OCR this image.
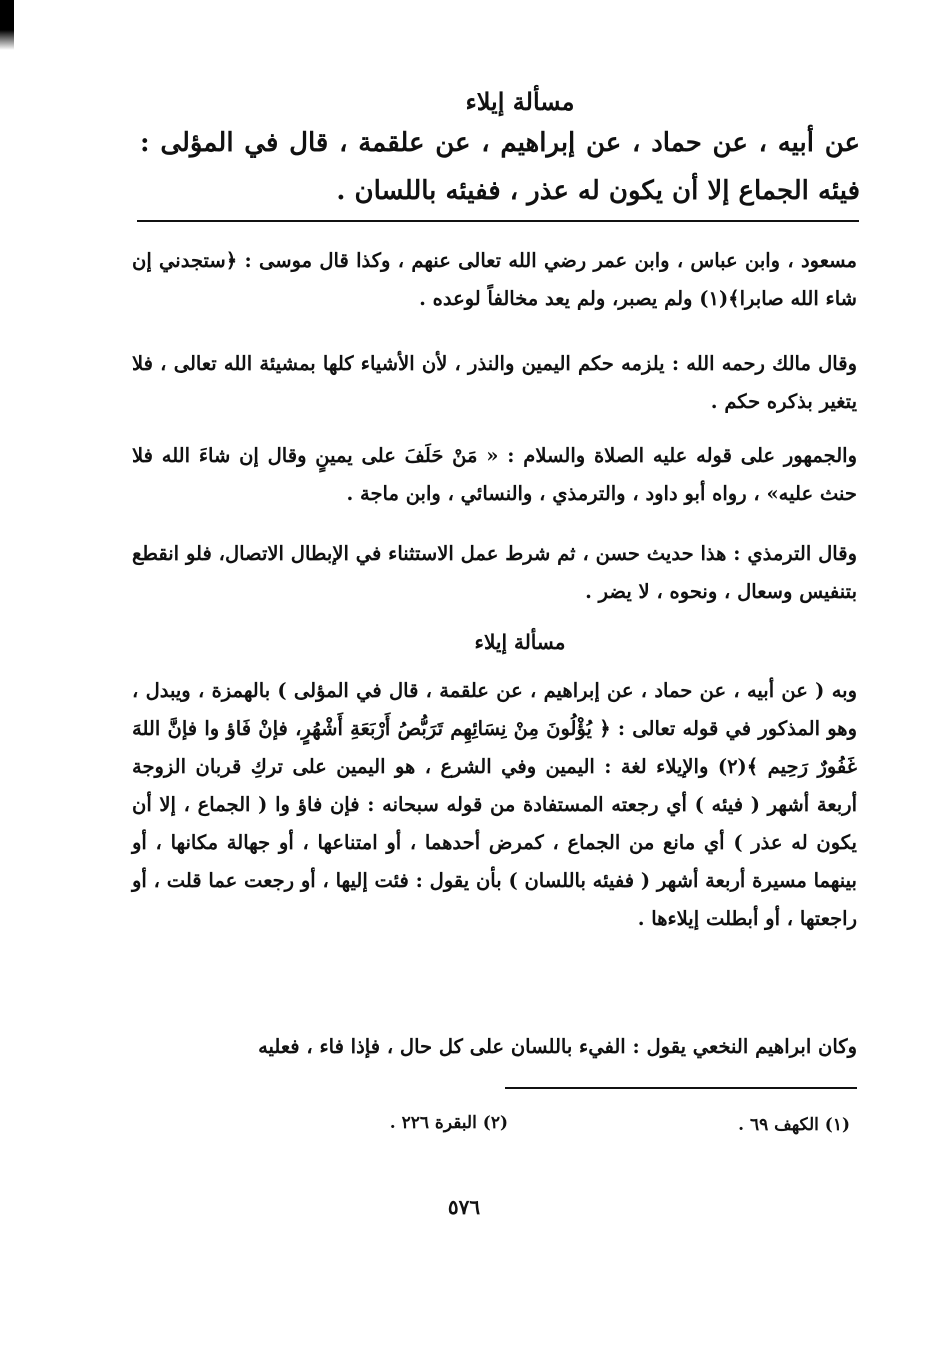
مسألة إيلاء

عن أبيه ، عن حماد ، عن إبراهيم ، عن علقمة ، قال في المؤلى : فيئه الجماع إلا أن يكون له عذر ، ففيئه باللسان .

مسعود ، وابن عباس ، وابن عمر رضي الله تعالى عنهم ، وكذا قال موسى : ﴿ستجدني إن شاء الله صابرا﴾(١) ولم يصبر، ولم يعد مخالفاً لوعده .

وقال مالك رحمه الله : يلزمه حكم اليمين والنذر ، لأن الأشياء كلها بمشيئة الله تعالى ، فلا يتغير بذكره حكم .

والجمهور على قوله عليه الصلاة والسلام : « مَنْ حَلَفَ على يمينٍ وقال إن شاءَ الله فلا حنث عليه» ، رواه أبو داود ، والترمذي ، والنسائي ، وابن ماجة .

وقال الترمذي : هذا حديث حسن ، ثم شرط عمل الاستثناء في الإبطال الاتصال، فلو انقطع بتنفيس وسعال ، ونحوه ، لا يضر .

مسألة إيلاء

وبه ( عن أبيه ، عن حماد ، عن إبراهيم ، عن علقمة ، قال في المؤلى ) بالهمزة ، ويبدل ، وهو المذكور في قوله تعالى : ﴿ يُؤْلُونَ مِنْ نِسَائِهِم تَرَبُّصُ أَرْبَعَةِ أَشْهُرٍ، فإنْ فَاؤ وا فإنَّ اللهَ غَفُورٌ رَحِيم ﴾(٢) والإيلاء لغة : اليمين وفي الشرع ، هو اليمين على تركِ قربان الزوجة أربعة أشهر ( فيئه ) أي رجعته المستفادة من قوله سبحانه : فإن فاؤ وا ( الجماع ، إلا أن يكون له عذر ) أي مانع من الجماع ، كمرض أحدهما ، أو امتناعها ، أو جهالة مكانها ، أو بينهما مسيرة أربعة أشهر ( ففيئه باللسان ) بأن يقول : فئت إليها ، أو رجعت عما قلت ، أو راجعتها ، أو أبطلت إيلاءها .

وكان ابراهيم النخعي يقول : الفيء باللسان على كل حال ، فإذا فاء ، فعليه

(١) الكهف ٦٩ .
(٢) البقرة ٢٢٦ .
٥٧٦
